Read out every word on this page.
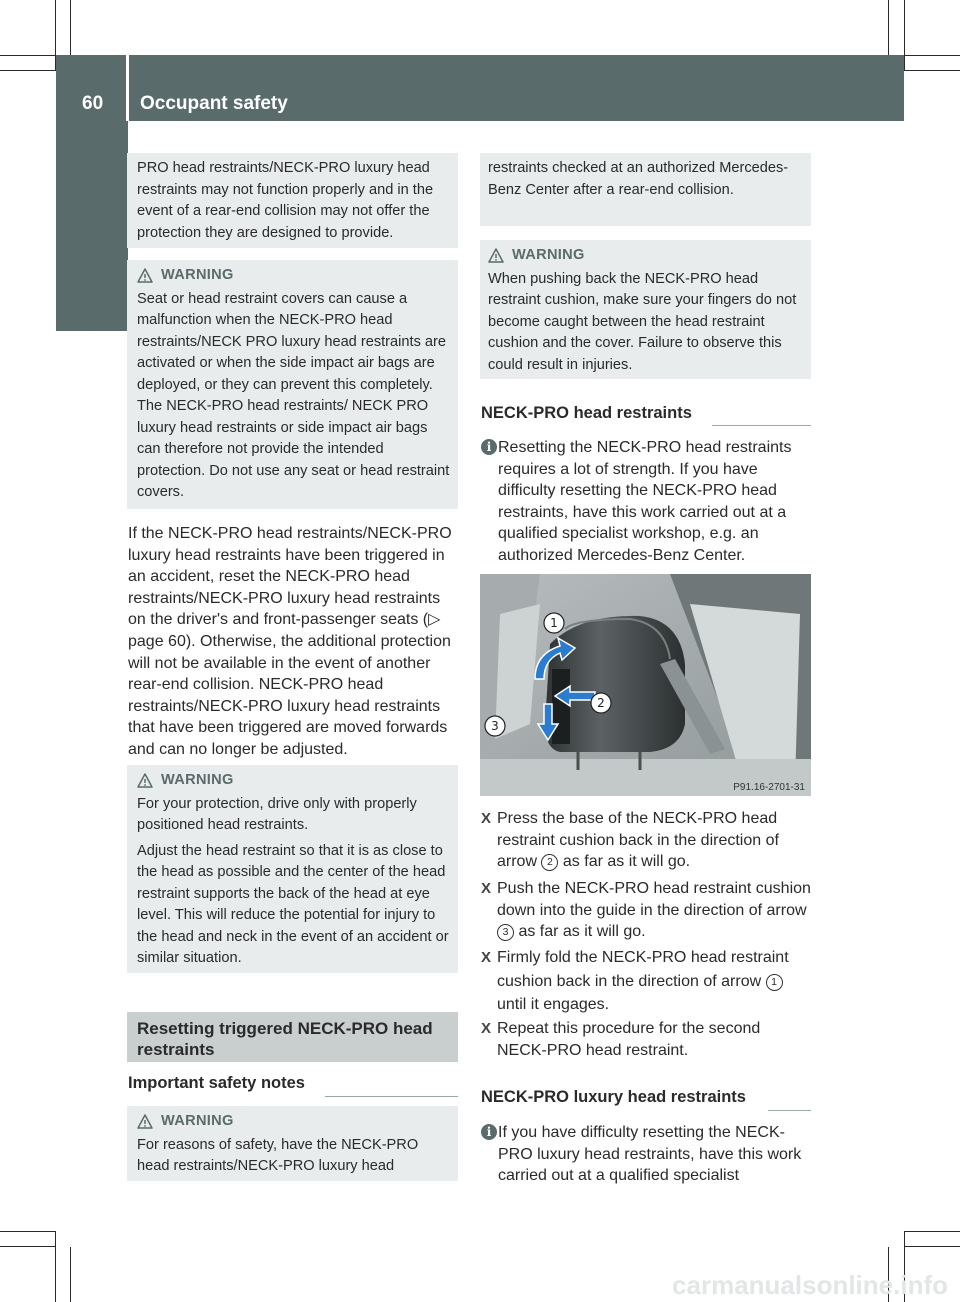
60 Occupant safety
Safety

PRO head restraints/NECK-PRO luxury head restraints may not function properly and in the event of a rear-end collision may not offer the protection they are designed to provide.

WARNING

Seat or head restraint covers can cause a malfunction when the NECK-PRO head restraints/NECK PRO luxury head restraints are activated or when the side impact air bags are deployed, or they can prevent this completely. The NECK-PRO head restraints/ NECK PRO luxury head restraints or side impact air bags can therefore not provide the intended protection. Do not use any seat or head restraint covers.

If the NECK-PRO head restraints/NECK-PRO luxury head restraints have been triggered in an accident, reset the NECK-PRO head restraints/NECK-PRO luxury head restraints on the driver's and front-passenger seats (▷ page 60). Otherwise, the additional protection will not be available in the event of another rear-end collision. NECK-PRO head restraints/NECK-PRO luxury head restraints that have been triggered are moved forwards and can no longer be adjusted.

WARNING

For your protection, drive only with properly positioned head restraints.

Adjust the head restraint so that it is as close to the head as possible and the center of the head restraint supports the back of the head at eye level. This will reduce the potential for injury to the head and neck in the event of an accident or similar situation.

Resetting triggered NECK-PRO head restraints
Important safety notes
WARNING

For reasons of safety, have the NECK-PRO head restraints/NECK-PRO luxury head

restraints checked at an authorized Mercedes-Benz Center after a rear-end collision.

WARNING

When pushing back the NECK-PRO head restraint cushion, make sure your fingers do not become caught between the head restraint cushion and the cover. Failure to observe this could result in injuries.

NECK-PRO head restraints
i Resetting the NECK-PRO head restraints requires a lot of strength. If you have difficulty resetting the NECK-PRO head restraints, have this work carried out at a qualified specialist workshop, e.g. an authorized Mercedes-Benz Center.
1
2
3
P91.16-2701-31
X Press the base of the NECK-PRO head restraint cushion back in the direction of arrow 2 as far as it will go.
X Push the NECK-PRO head restraint cushion down into the guide in the direction of arrow 3 as far as it will go.
X Firmly fold the NECK-PRO head restraint cushion back in the direction of arrow 1 until it engages.
X Repeat this procedure for the second NECK-PRO head restraint.
NECK-PRO luxury head restraints
i If you have difficulty resetting the NECK-PRO luxury head restraints, have this work carried out at a qualified specialist
carmanualsonline.info
